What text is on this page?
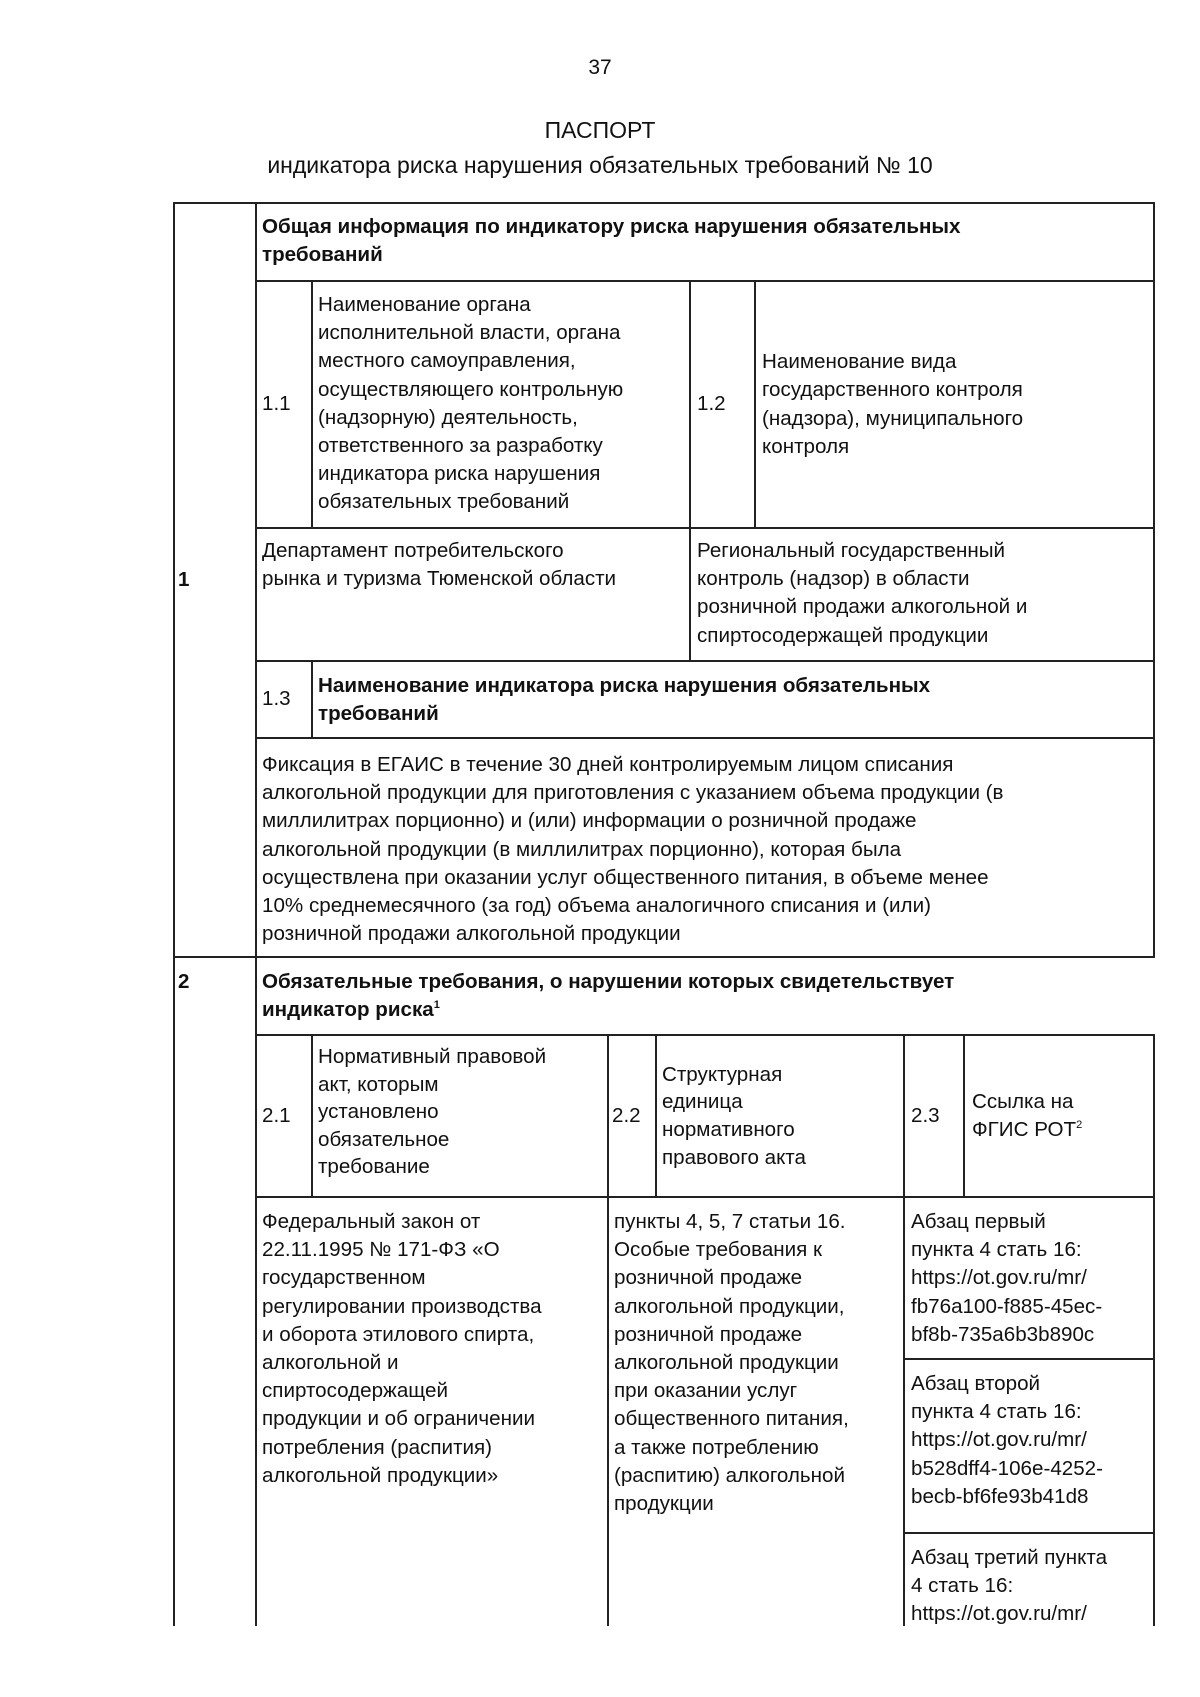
37
ПАСПОРТ
индикатора риска нарушения обязательных требований № 10
1
Общая информация по индикатору риска нарушения обязательных
требований
1.1
Наименование органа
исполнительной власти, органа
местного самоуправления,
осуществляющего контрольную
(надзорную) деятельность,
ответственного за разработку
индикатора риска нарушения
обязательных требований
1.2
Наименование вида
государственного контроля
(надзора), муниципального
контроля
Департамент потребительского
рынка и туризма Тюменской области
Региональный государственный
контроль (надзор) в области
розничной продажи алкогольной и
спиртосодержащей продукции
1.3
Наименование индикатора риска нарушения обязательных
требований
Фиксация в ЕГАИС в течение 30 дней контролируемым лицом списания
алкогольной продукции для приготовления с указанием объема продукции (в
миллилитрах порционно) и (или) информации о розничной продаже
алкогольной продукции (в миллилитрах порционно), которая была
осуществлена при оказании услуг общественного питания, в объеме менее
10% среднемесячного (за год) объема аналогичного списания и (или)
розничной продажи алкогольной продукции
2	Обязательные требования, о нарушении которых свидетельствует
индикатор риска$^1$
2.1
Нормативный правовой
акт, которым
установлено
обязательное
требование
2.2
Структурная
единица
нормативного
правового акта
2.3
Ссылка на
ФГИС РОТ$^2$
Федеральный закон от
22.11.1995 № 171-ФЗ «О
государственном
регулировании производства
и оборота этилового спирта,
алкогольной и
спиртосодержащей
продукции и об ограничении
потребления (распития)
алкогольной продукции»
пункты 4, 5, 7 статьи 16.
Особые требования к
розничной продаже
алкогольной продукции,
розничной продаже
алкогольной продукции
при оказании услуг
общественного питания,
а также потреблению
(распитию) алкогольной
продукции
Абзац первый
пункта 4 стать 16:
https://ot.gov.ru/mr/
fb76a100-f885-45ec-
bf8b-735a6b3b890c
Абзац второй
пункта 4 стать 16:
https://ot.gov.ru/mr/
b528dff4-106e-4252-
becb-bf6fe93b41d8
Абзац третий пункта
4 стать 16:
https://ot.gov.ru/mr/
